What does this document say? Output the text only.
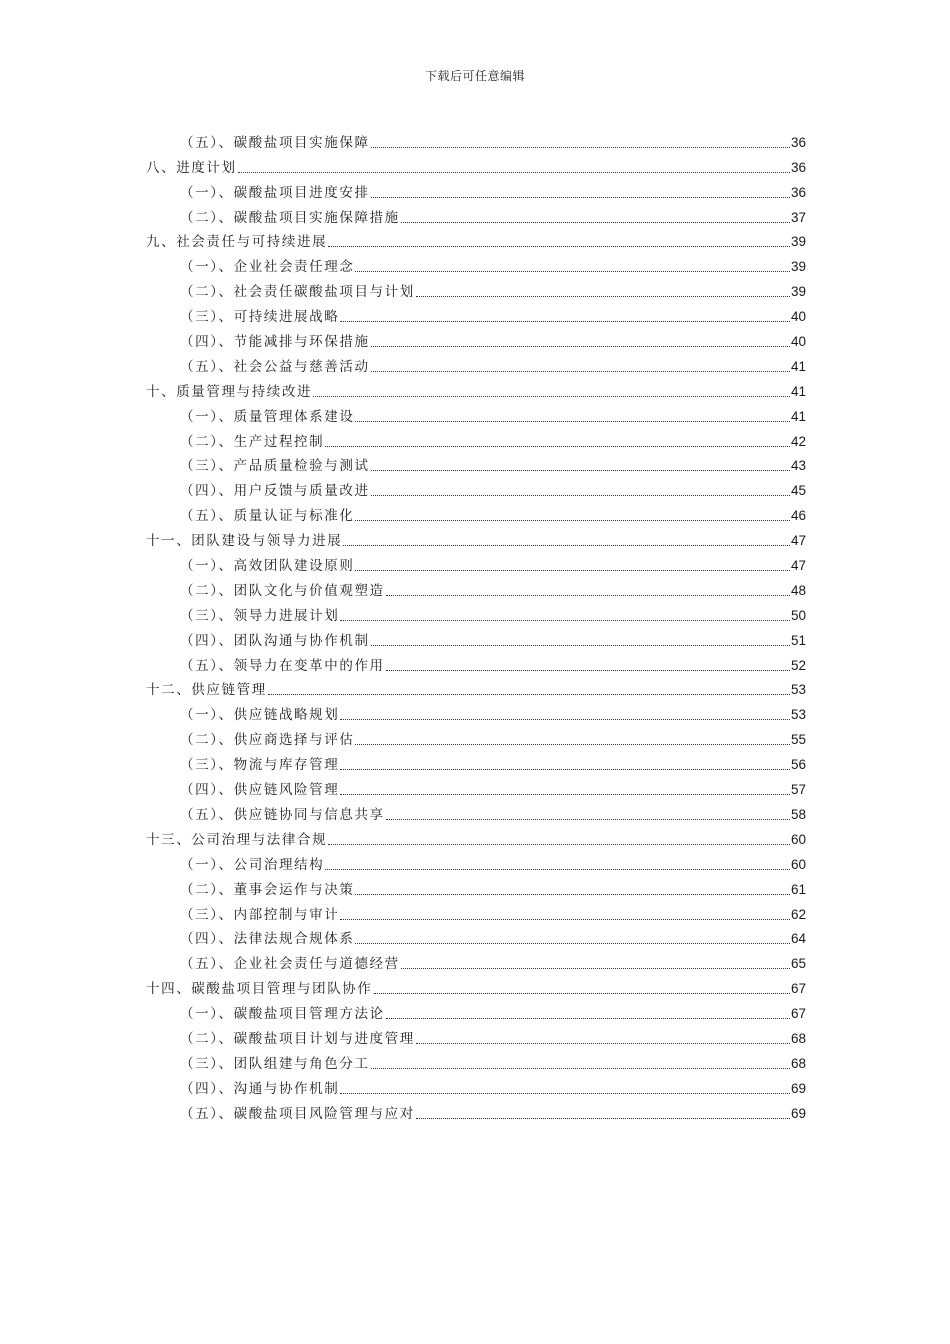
下载后可任意编辑
（五）、碳酸盐项目实施保障	36
八、进度计划	36
（一）、碳酸盐项目进度安排	36
（二）、碳酸盐项目实施保障措施	37
九、社会责任与可持续进展	39
（一）、企业社会责任理念	39
（二）、社会责任碳酸盐项目与计划	39
（三）、可持续进展战略	40
（四）、节能减排与环保措施	40
（五）、社会公益与慈善活动	41
十、质量管理与持续改进	41
（一）、质量管理体系建设	41
（二）、生产过程控制	42
（三）、产品质量检验与测试	43
（四）、用户反馈与质量改进	45
（五）、质量认证与标准化	46
十一、团队建设与领导力进展	47
（一）、高效团队建设原则	47
（二）、团队文化与价值观塑造	48
（三）、领导力进展计划	50
（四）、团队沟通与协作机制	51
（五）、领导力在变革中的作用	52
十二、供应链管理	53
（一）、供应链战略规划	53
（二）、供应商选择与评估	55
（三）、物流与库存管理	56
（四）、供应链风险管理	57
（五）、供应链协同与信息共享	58
十三、公司治理与法律合规	60
（一）、公司治理结构	60
（二）、董事会运作与决策	61
（三）、内部控制与审计	62
（四）、法律法规合规体系	64
（五）、企业社会责任与道德经营	65
十四、碳酸盐项目管理与团队协作	67
（一）、碳酸盐项目管理方法论	67
（二）、碳酸盐项目计划与进度管理	68
（三）、团队组建与角色分工	68
（四）、沟通与协作机制	69
（五）、碳酸盐项目风险管理与应对	69
